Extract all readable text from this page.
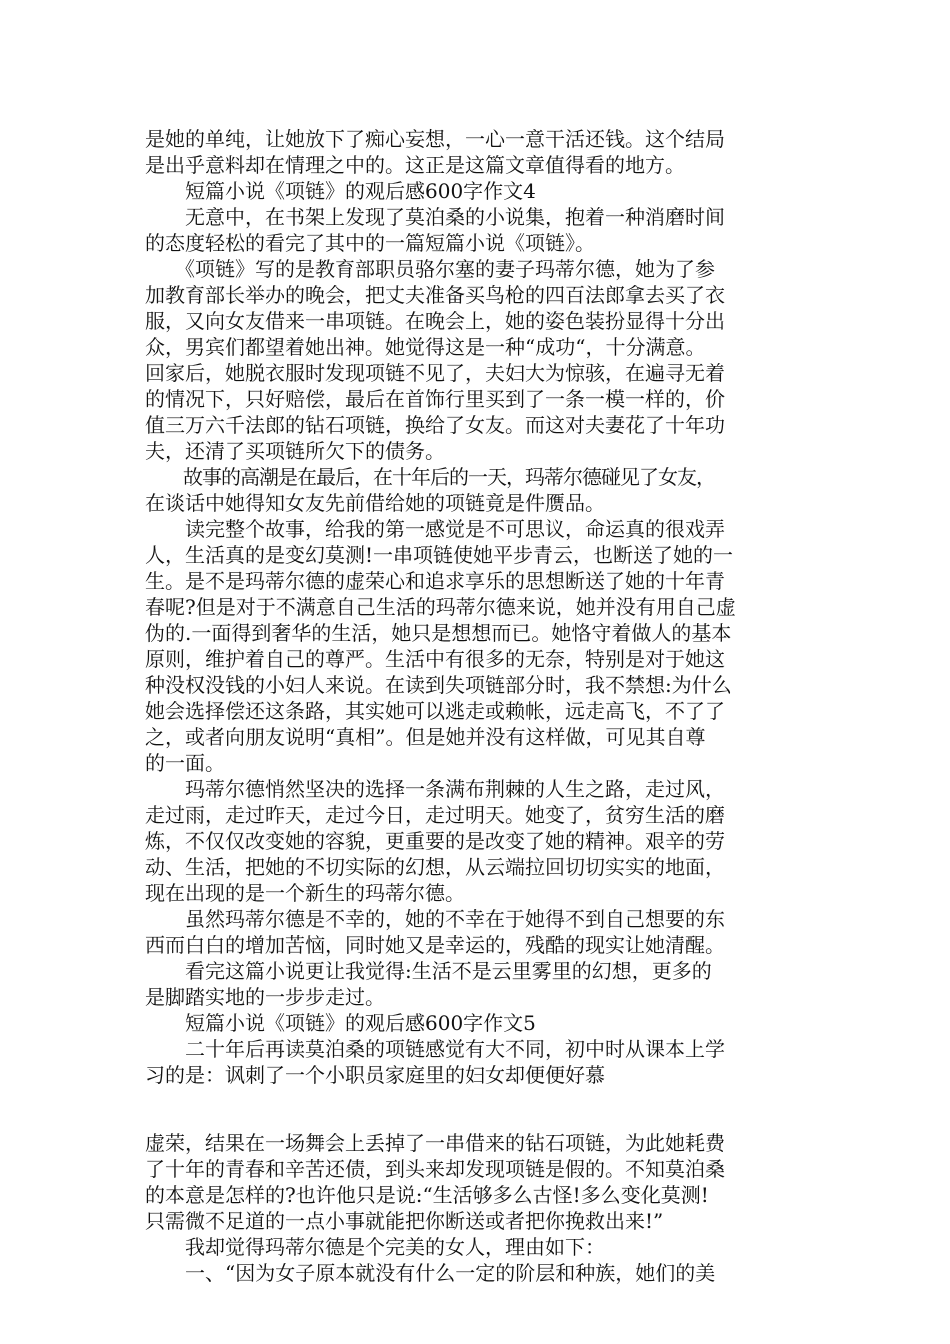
是她的单纯，让她放下了痴心妄想，一心一意干活还钱。这个结局
是出乎意料却在情理之中的。这正是这篇文章值得看的地方。
　　短篇小说《项链》的观后感600字作文4
　　无意中，在书架上发现了莫泊桑的小说集，抱着一种消磨时间
的态度轻松的看完了其中的一篇短篇小说《项链》。
　　《项链》写的是教育部职员骆尔塞的妻子玛蒂尔德，她为了参
加教育部长举办的晚会，把丈夫准备买鸟枪的四百法郎拿去买了衣
服，又向女友借来一串项链。在晚会上，她的姿色装扮显得十分出
众，男宾们都望着她出神。她觉得这是一种“成功“，十分满意。
回家后，她脱衣服时发现项链不见了，夫妇大为惊骇，在遍寻无着
的情况下，只好赔偿，最后在首饰行里买到了一条一模一样的，价
值三万六千法郎的钻石项链，换给了女友。而这对夫妻花了十年功
夫，还清了买项链所欠下的债务。
　　故事的高潮是在最后，在十年后的一天，玛蒂尔德碰见了女友，
在谈话中她得知女友先前借给她的项链竟是件赝品。
　　读完整个故事，给我的第一感觉是不可思议，命运真的很戏弄
人，生活真的是变幻莫测!一串项链使她平步青云，也断送了她的一
生。是不是玛蒂尔德的虚荣心和追求享乐的思想断送了她的十年青
春呢?但是对于不满意自己生活的玛蒂尔德来说，她并没有用自己虚
伪的.一面得到奢华的生活，她只是想想而已。她恪守着做人的基本
原则，维护着自己的尊严。生活中有很多的无奈，特别是对于她这
种没权没钱的小妇人来说。在读到失项链部分时，我不禁想:为什么
她会选择偿还这条路，其实她可以逃走或赖帐，远走高飞，不了了
之，或者向朋友说明“真相”。但是她并没有这样做，可见其自尊
的一面。
　　玛蒂尔德悄然坚决的选择一条满布荆棘的人生之路，走过风，
走过雨，走过昨天，走过今日，走过明天。她变了，贫穷生活的磨
炼，不仅仅改变她的容貌，更重要的是改变了她的精神。艰辛的劳
动、生活，把她的不切实际的幻想，从云端拉回切切实实的地面，
现在出现的是一个新生的玛蒂尔德。
　　虽然玛蒂尔德是不幸的，她的不幸在于她得不到自己想要的东
西而白白的增加苦恼，同时她又是幸运的，残酷的现实让她清醒。
　　看完这篇小说更让我觉得:生活不是云里雾里的幻想，更多的
是脚踏实地的一步步走过。
　　短篇小说《项链》的观后感600字作文5
　　二十年后再读莫泊桑的项链感觉有大不同，初中时从课本上学
习的是：讽刺了一个小职员家庭里的妇女却便便好慕
虚荣，结果在一场舞会上丢掉了一串借来的钻石项链，为此她耗费
了十年的青春和辛苦还债，到头来却发现项链是假的。不知莫泊桑
的本意是怎样的?也许他只是说:“生活够多么古怪!多么变化莫测!
只需微不足道的一点小事就能把你断送或者把你挽救出来!”
　　我却觉得玛蒂尔德是个完美的女人，理由如下：
　　一、“因为女子原本就没有什么一定的阶层和种族，她们的美
